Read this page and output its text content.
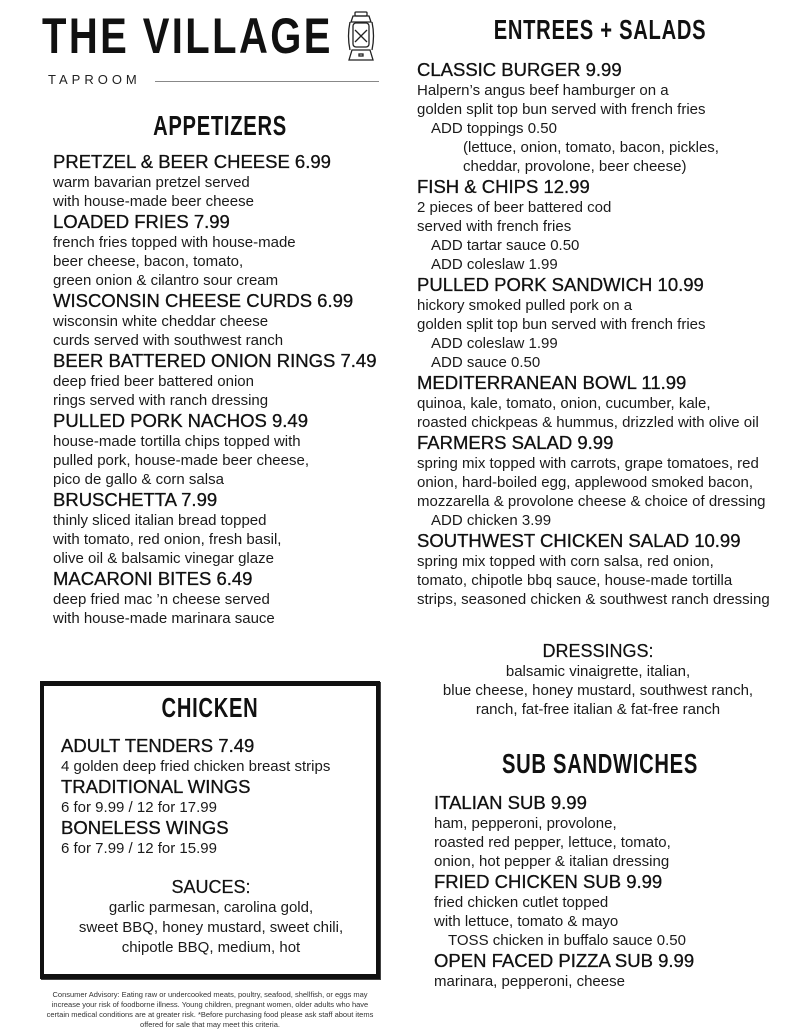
THE VILLAGE
TAPROOM
APPETIZERS
PRETZEL & BEER CHEESE 6.99
warm bavarian pretzel served
with house-made beer cheese
LOADED FRIES 7.99
french fries topped with house-made
beer cheese, bacon, tomato,
green onion & cilantro sour cream
WISCONSIN CHEESE CURDS 6.99
wisconsin white cheddar cheese
curds served with southwest ranch
BEER BATTERED ONION RINGS 7.49
deep fried beer battered onion
rings served with ranch dressing
PULLED PORK NACHOS 9.49
house-made tortilla chips topped with
pulled pork, house-made beer cheese,
pico de gallo & corn salsa
BRUSCHETTA 7.99
thinly sliced italian bread topped
with tomato, red onion, fresh basil,
olive oil & balsamic vinegar glaze
MACARONI BITES 6.49
deep fried mac ’n cheese served
with house-made marinara sauce
CHICKEN
ADULT TENDERS 7.49
4 golden deep fried chicken breast strips
TRADITIONAL WINGS
6 for 9.99 / 12 for 17.99
BONELESS WINGS
6 for 7.99 / 12 for 15.99
SAUCES:
garlic parmesan, carolina gold,
sweet BBQ, honey mustard, sweet chili,
chipotle BBQ, medium, hot
Consumer Advisory: Eating raw or undercooked meats, poultry, seafood, shellfish, or eggs may increase your risk of foodborne illness. Young children, pregnant women, older adults who have certain medical conditions are at greater risk. *Before purchasing food please ask staff about items offered for sale that may meet this criteria.
ENTREES + SALADS
CLASSIC BURGER 9.99
Halpern’s angus beef hamburger on a
golden split top bun served with french fries
ADD toppings 0.50
(lettuce, onion, tomato, bacon, pickles,
cheddar, provolone, beer cheese)
FISH & CHIPS 12.99
2 pieces of beer battered cod
served with french fries
ADD tartar sauce 0.50
ADD coleslaw 1.99
PULLED PORK SANDWICH 10.99
hickory smoked pulled pork on a
golden split top bun served with french fries
ADD coleslaw 1.99
ADD sauce 0.50
MEDITERRANEAN BOWL 11.99
quinoa, kale, tomato, onion, cucumber, kale,
roasted chickpeas & hummus, drizzled with olive oil
FARMERS SALAD 9.99
spring mix topped with carrots, grape tomatoes, red
onion, hard-boiled egg, applewood smoked bacon,
mozzarella & provolone cheese & choice of dressing
ADD chicken 3.99
SOUTHWEST CHICKEN SALAD 10.99
spring mix topped with corn salsa, red onion,
tomato, chipotle bbq sauce, house-made tortilla
strips, seasoned chicken & southwest ranch dressing
DRESSINGS:
balsamic vinaigrette, italian,
blue cheese, honey mustard, southwest ranch,
ranch, fat-free italian & fat-free ranch
SUB SANDWICHES
ITALIAN SUB 9.99
ham, pepperoni, provolone,
roasted red pepper, lettuce, tomato,
onion, hot pepper & italian dressing
FRIED CHICKEN SUB 9.99
fried chicken cutlet topped
with lettuce, tomato & mayo
TOSS chicken in buffalo sauce 0.50
OPEN FACED PIZZA SUB 9.99
marinara, pepperoni, cheese
